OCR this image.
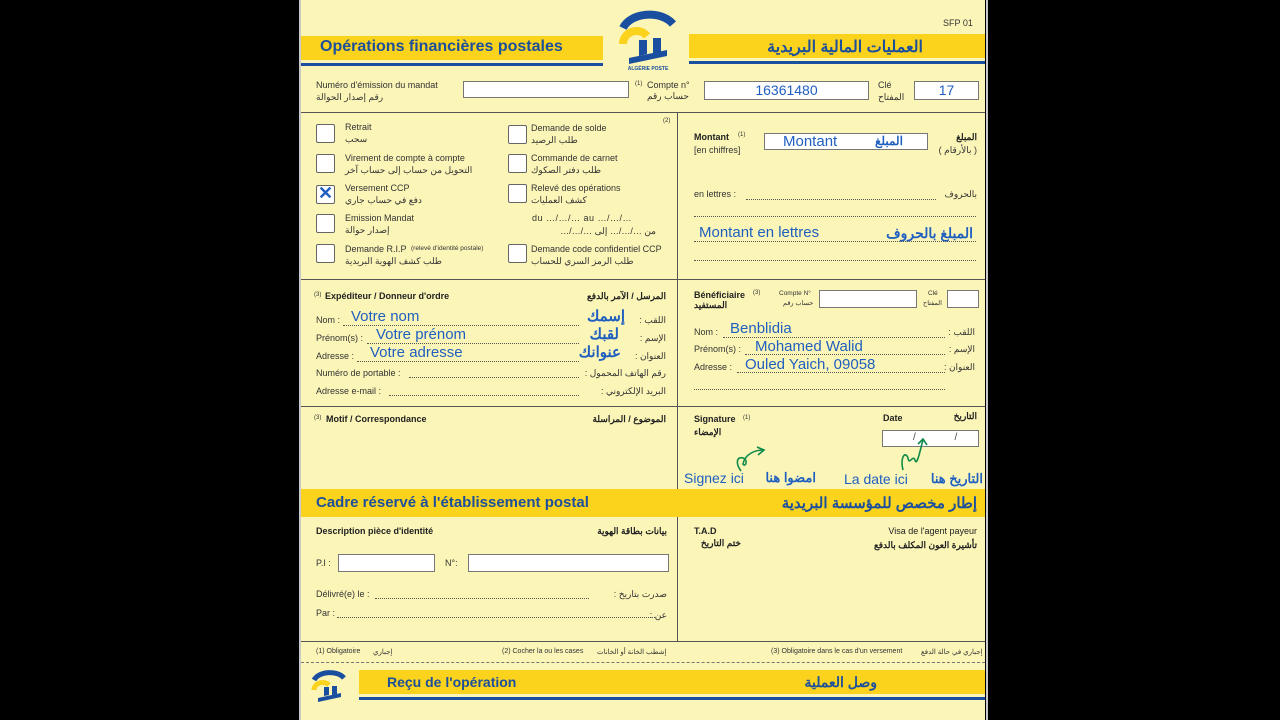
SFP 01
Opérations financières postales	العمليات المالية البريدية
ALGÉRIE POSTE
Numéro d'émission du mandat
رقم إصدار الحوالة
(1) Compte n°
حساب رقم	16361480	Clé
المفتاح	17
(2)
Retrait
سحب
Virement de compte à compte
التحويل من حساب إلى حساب آخر
✕ Versement CCP
دفع في حساب جاري
Emission Mandat
إصدار حوالة
Demande R.I.P (relevé d'identité postale)
طلب كشف الهوية البريدية
Demande de solde
طلب الرصيد
Commande de carnet
طلب دفتر الصكوك
Relevé des opérations
كشف العمليات
du …/…/… au …/…/…
من …/…/… إلى …/…/…
Demande code confidentiel CCP
طلب الرمز السري للحساب
Montant (1)
[en chiffres]
المبلغ
( بالأرقام )
Montant	المبلغ
en lettres :	بالحروف
Montant en lettres	المبلغ بالحروف
(3) Expéditeur / Donneur d'ordre	المرسل / الآمر بالدفع
Nom : Votre nom	إسمك	اللقب :
Prénom(s) : Votre prénom	لقبك	الإسم :
Adresse : Votre adresse	عنوانك	العنوان :
Numéro de portable :	رقم الهاتف المحمول :
Adresse e-mail :	البريد الإلكتروني :
Bénéficiaire (3)
المستفيد
Compte N°
حساب رقم
Clé
المفتاح
Nom : Benblidia	اللقب :
Prénom(s) : Mohamed Walid	الإسم :
Adresse : Ouled Yaich, 09058	العنوان :
(3) Motif / Correspondance	الموضوع / المراسلة	Signature (1)
الإمضاء
Date	التاريخ
/ /
Signez ici امضوا هنا La date ici	التاريخ هنا
Cadre réservé à l'établissement postal	إطار مخصص للمؤسسة البريدية
Description pièce d'identité	بيانات بطاقة الهوية
P.I :	N°:
Délivré(e) le :	صدرت بتاريخ :
Par :	عن :
T.A.D
ختم التاريخ
Visa de l'agent payeur
تأشيرة العون المكلف بالدفع
(1) Obligatoire إجباري	(2) Cocher la ou les cases إشطب الخانة أو الخانات	(3) Obligatoire dans le cas d'un versement	إجباري في حالة الدفع
Reçu de l'opération	وصل العملية
